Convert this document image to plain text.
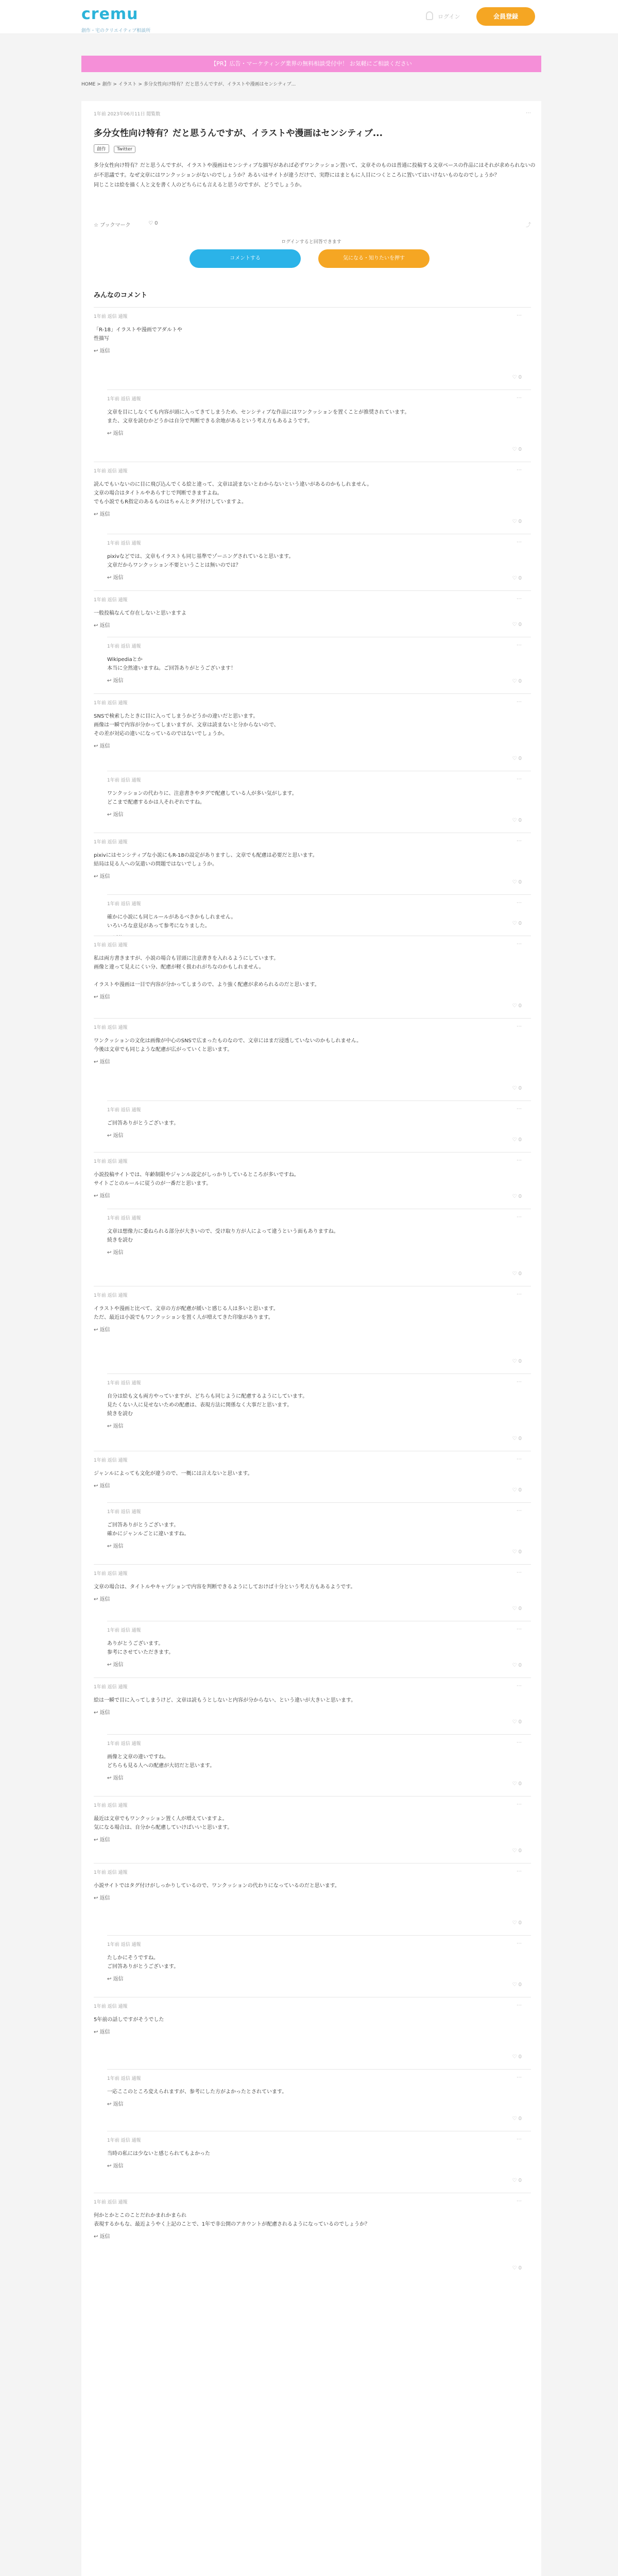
cremu
創作・宅のクリエイティブ相談所
ログイン	会員登録
【PR】広告・マーケティング業界の無料相談受付中！ お気軽にご相談ください
HOME > 創作 > イラスト > 多分女性向け特有？だと思うんですが、イラストや漫画はセンシティブ...
1年前 2023年06月11日 閲覧数	⋯
多分女性向け特有？だと思うんですが、イラストや漫画はセンシティブ...
創作 Twitter
多分女性向け特有？だと思うんですが、イラストや漫画はセンシティブな描写があれば必ずワンクッション置いて、文章そのものは普通に投稿する文章ベースの作品にはそれが求められないのが不思議です。なぜ文章にはワンクッションがないのでしょうか？あるいはサイトが違うだけで、実際にはまともに人目につくところに置いてはいけないものなのでしょうか？
同じことは絵を描く人と文を書く人のどちらにも言えると思うのですが、どうでしょうか。
☆ ブックマーク	♡ 0	⤴
ログインすると回答できます
コメントする	気になる・知りたいを押す
みんなのコメント
1年前 返信 通報	⋯
「R-18」イラストや漫画でアダルトや
性描写
↩ 返信
♡ 0
1年前 返信 通報	⋯
文章を目にしなくても内容が頭に入ってきてしまうため、センシティブな作品にはワンクッションを置くことが推奨されています。
また、文章を読むかどうかは自分で判断できる余地があるという考え方もあるようです。
↩ 返信
♡ 0
1年前 返信 通報	⋯
読んでもいないのに目に飛び込んでくる絵と違って、文章は読まないとわからないという違いがあるのかもしれません。
文章の場合はタイトルやあらすじで判断できますよね。
でも小説でもR指定のあるものはちゃんとタグ付けしていますよ。
↩ 返信
♡ 0
1年前 返信 通報	⋯
pixivなどでは、文章もイラストも同じ基準でゾーニングされていると思います。
文章だからワンクッション不要ということは無いのでは？
↩ 返信	♡ 0
1年前 返信 通報	⋯
一般投稿なんて存在しないと思いますよ
↩ 返信	♡ 0
1年前 返信 通報	⋯
Wikipediaとか
本当に全然違いますね。ご回答ありがとうございます！
↩ 返信	♡ 0
1年前 返信 通報	⋯
SNSで検索したときに目に入ってしまうかどうかの違いだと思います。
画像は一瞬で内容が分かってしまいますが、文章は読まないと分からないので、
その差が対応の違いになっているのではないでしょうか。
↩ 返信
♡ 0
1年前 返信 通報	⋯
ワンクッションの代わりに、注意書きやタグで配慮している人が多い気がします。
どこまで配慮するかは人それぞれですね。
↩ 返信
♡ 0
1年前 返信 通報	⋯
pixivにはセンシティブな小説にもR-18の設定がありますし、文章でも配慮は必要だと思います。
結局は見る人への気遣いの問題ではないでしょうか。
↩ 返信
♡ 0
1年前 返信 通報	⋯
確かに小説にも同じルールがあるべきかもしれません。
いろいろな意見があって参考になりました。	♡ 0
1年前 返信 通報	⋯
私は両方書きますが、小説の場合も冒頭に注意書きを入れるようにしています。
画像と違って見えにくい分、配慮が軽く扱われがちなのかもしれません。

イラストや漫画は一目で内容が分かってしまうので、より強く配慮が求められるのだと思います。
↩ 返信
♡ 0
1年前 返信 通報	⋯
ワンクッションの文化は画像が中心のSNSで広まったものなので、文章にはまだ浸透していないのかもしれません。
今後は文章でも同じような配慮が広がっていくと思います。
↩ 返信
♡ 0
1年前 返信 通報	⋯
ご回答ありがとうございます。
↩ 返信
♡ 0
1年前 返信 通報	⋯
小説投稿サイトでは、年齢制限やジャンル設定がしっかりしているところが多いですね。
サイトごとのルールに従うのが一番だと思います。
↩ 返信	♡ 0
1年前 返信 通報	⋯
文章は想像力に委ねられる部分が大きいので、受け取り方が人によって違うという面もありますね。
続きを読む
↩ 返信
♡ 0
1年前 返信 通報	⋯
イラストや漫画と比べて、文章の方が配慮が緩いと感じる人は多いと思います。
ただ、最近は小説でもワンクッションを置く人が増えてきた印象があります。
↩ 返信
♡ 0
1年前 返信 通報	⋯
自分は絵も文も両方やっていますが、どちらも同じように配慮するようにしています。
見たくない人に見せないための配慮は、表現方法に関係なく大事だと思います。
続きを読む
↩ 返信
♡ 0
1年前 返信 通報	⋯
ジャンルによっても文化が違うので、一概には言えないと思います。
↩ 返信
♡ 0
1年前 返信 通報	⋯
ご回答ありがとうございます。
確かにジャンルごとに違いますね。
↩ 返信
♡ 0
1年前 返信 通報	⋯
文章の場合は、タイトルやキャプションで内容を判断できるようにしておけば十分という考え方もあるようです。
↩ 返信
♡ 0
1年前 返信 通報	⋯
ありがとうございます。
参考にさせていただきます。
↩ 返信	♡ 0
1年前 返信 通報	⋯
絵は一瞬で目に入ってしまうけど、文章は読もうとしないと内容が分からない、という違いが大きいと思います。
↩ 返信
♡ 0
1年前 返信 通報	⋯
画像と文章の違いですね。
どちらも見る人への配慮が大切だと思います。
↩ 返信
♡ 0
1年前 返信 通報	⋯
最近は文章でもワンクッション置く人が増えていますよ。
気になる場合は、自分から配慮していけばいいと思います。
↩ 返信
♡ 0
1年前 返信 通報	⋯
小説サイトではタグ付けがしっかりしているので、ワンクッションの代わりになっているのだと思います。
↩ 返信
♡ 0
1年前 返信 通報	⋯
たしかにそうですね。
ご回答ありがとうございます。
↩ 返信
♡ 0
1年前 返信 通報	⋯
5年前の話しですがそうでした
↩ 返信
♡ 0
1年前 返信 通報	⋯
一応ここのところ変えられますが、参考にした方がよかったとされています。
↩ 返信
♡ 0
1年前 返信 通報	⋯
当時の私には少ないと感じられてもよかった
↩ 返信
♡ 0
1年前 返信 通報	⋯
何かとかとこのことだれかまれかまられ
表現するかもな、最近ようやく上記のことで、1年で非公開のアカウントが配慮されるようになっているのでしょうか？
↩ 返信
♡ 0
